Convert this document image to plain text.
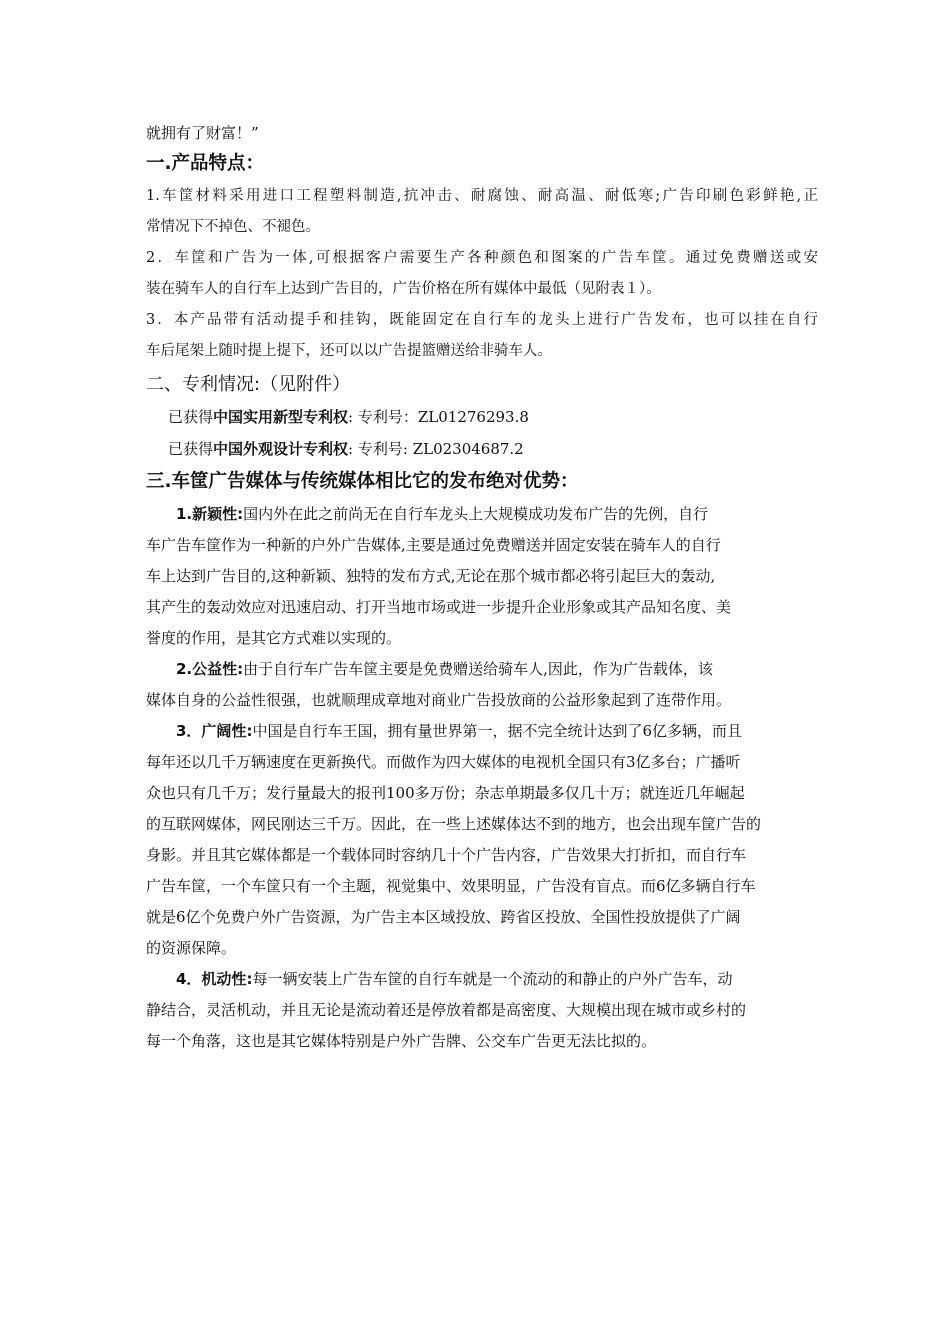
就拥有了财富！”
一.产品特点：
1.车筐材料采用进口工程塑料制造,抗冲击、耐腐蚀、耐高温、耐低寒;广告印刷色彩鲜艳,正
常情况下不掉色、不褪色。
2．车筐和广告为一体,可根据客户需要生产各种颜色和图案的广告车筐。通过免费赠送或安
装在骑车人的自行车上达到广告目的，广告价格在所有媒体中最低（见附表１）。
3．本产品带有活动提手和挂钩，既能固定在自行车的龙头上进行广告发布，也可以挂在自行
车后尾架上随时提上提下，还可以以广告提篮赠送给非骑车人。
二、专利情况:（见附件）
已获得中国实用新型专利权: 专利号：ZL01276293.8
已获得中国外观设计专利权: 专利号: ZL02304687.2
三.车筐广告媒体与传统媒体相比它的发布绝对优势：
1.新颖性:国内外在此之前尚无在自行车龙头上大规模成功发布广告的先例，自行
车广告车筐作为一种新的户外广告媒体,主要是通过免费赠送并固定安装在骑车人的自行
车上达到广告目的,这种新颖、独特的发布方式,无论在那个城市都必将引起巨大的轰动,
其产生的轰动效应对迅速启动、打开当地市场或进一步提升企业形象或其产品知名度、美
誉度的作用，是其它方式难以实现的。
2.公益性:由于自行车广告车筐主要是免费赠送给骑车人,因此，作为广告载体，该
媒体自身的公益性很强，也就顺理成章地对商业广告投放商的公益形象起到了连带作用。
3．广阔性:中国是自行车王国，拥有量世界第一，据不完全统计达到了6亿多辆，而且
每年还以几千万辆速度在更新换代。而做作为四大媒体的电视机全国只有3亿多台；广播听
众也只有几千万；发行量最大的报刊100多万份；杂志单期最多仅几十万；就连近几年崛起
的互联网媒体，网民刚达三千万。因此，在一些上述媒体达不到的地方，也会出现车筐广告的
身影。并且其它媒体都是一个载体同时容纳几十个广告内容，广告效果大打折扣，而自行车
广告车筐，一个车筐只有一个主题，视觉集中、效果明显，广告没有盲点。而6亿多辆自行车
就是6亿个免费户外广告资源，为广告主本区域投放、跨省区投放、全国性投放提供了广阔
的资源保障。
4．机动性:每一辆安装上广告车筐的自行车就是一个流动的和静止的户外广告车，动
静结合，灵活机动，并且无论是流动着还是停放着都是高密度、大规模出现在城市或乡村的
每一个角落，这也是其它媒体特别是户外广告牌、公交车广告更无法比拟的。
